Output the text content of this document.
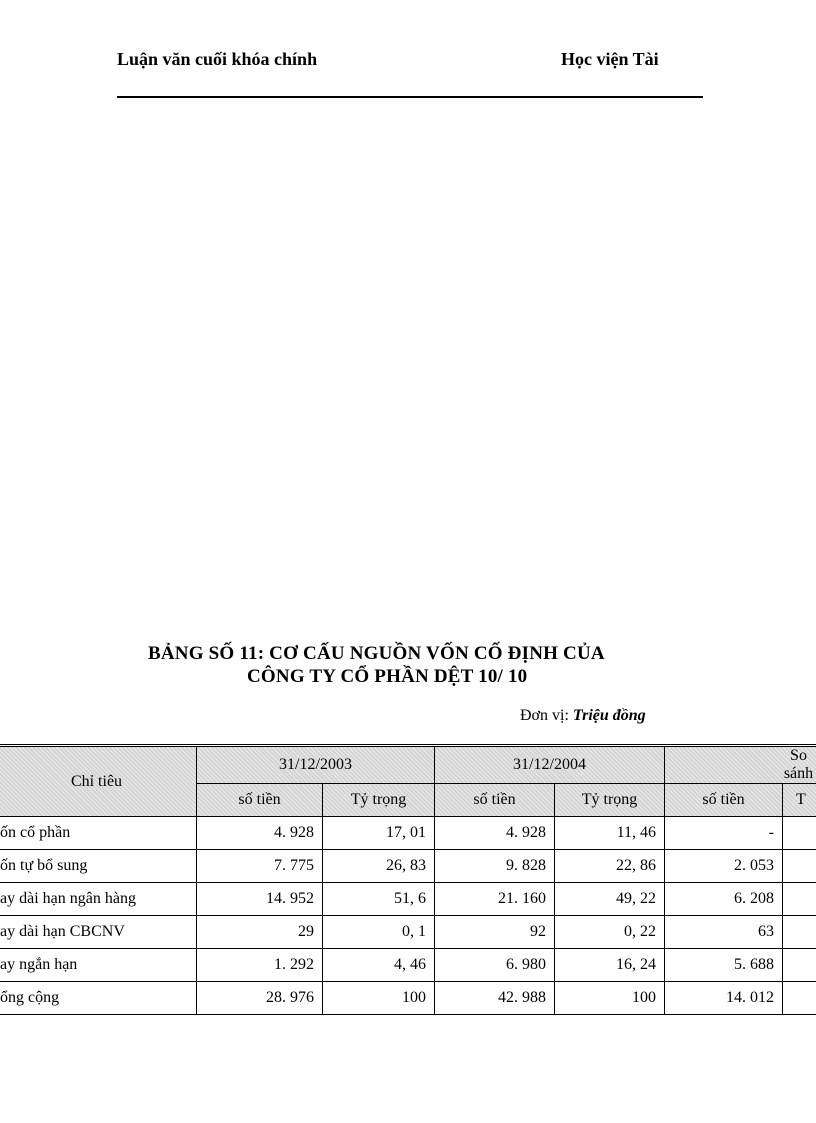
Luận văn cuối khóa chính	Học viện Tài
BẢNG SỐ 11: CƠ CẤU NGUỒN VỐN CỐ ĐỊNH CỦA
CÔNG TY CỔ PHẦN DỆT 10/ 10
Đơn vị: Triệu đồng
Chỉ tiêu	31/12/2003		31/12/2004		So sánh	
	số tiền	Tỷ trọng	số tiền	Tỷ trọng	số tiền	T
ốn cổ phần	4. 928	17, 01	4. 928	11, 46	-	
ốn tự bổ sung	7. 775	26, 83	9. 828	22, 86	2. 053	
ay dài hạn ngân hàng	14. 952	51, 6	21. 160	49, 22	6. 208	
ay dài hạn CBCNV	29	0, 1	92	0, 22	63	
ay ngắn hạn	1. 292	4, 46	6. 980	16, 24	5. 688	
ổng cộng	28. 976	100	42. 988	100	14. 012	
